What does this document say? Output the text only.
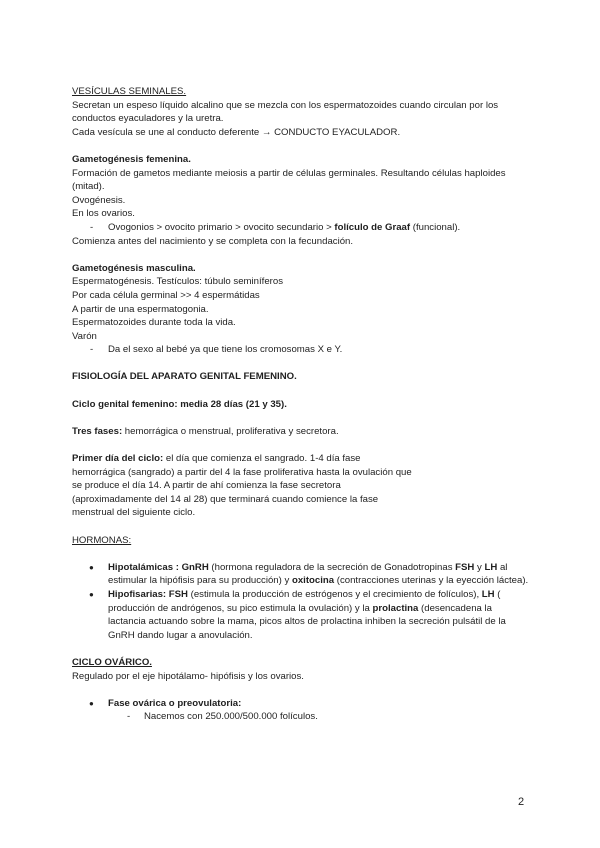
VESÍCULAS SEMINALES.

Secretan un espeso líquido alcalino que se mezcla con los espermatozoides cuando circulan por los conductos eyaculadores y la uretra.

Cada vesícula se une al conducto deferente → CONDUCTO EYACULADOR.

Gametogénesis femenina.

Formación de gametos mediante meiosis a partir de células germinales. Resultando células haploides (mitad).

Ovogénesis.

En los ovarios.

- Ovogonios > ovocito primario > ovocito secundario > folículo de Graaf (funcional).

Comienza antes del nacimiento y se completa con la fecundación.

Gametogénesis masculina.

Espermatogénesis. Testículos: túbulo seminíferos

Por cada célula germinal >> 4 espermátidas

A partir de una espermatogonia.

Espermatozoides durante toda la vida.

Varón

- Da el sexo al bebé ya que tiene los cromosomas X e Y.

FISIOLOGÍA DEL APARATO GENITAL FEMENINO.

Ciclo genital femenino: media 28 días (21 y 35).

Tres fases: hemorrágica o menstrual, proliferativa y secretora.

Primer día del ciclo: el día que comienza el sangrado. 1-4 día fase hemorrágica (sangrado) a partir del 4 la fase proliferativa hasta la ovulación que se produce el día 14. A partir de ahí comienza la fase secretora (aproximadamente del 14 al 28) que terminará cuando comience la fase menstrual del siguiente ciclo.

HORMONAS:

● Hipotalámicas : GnRH (hormona reguladora de la secreción de Gonadotropinas FSH y LH al estimular la hipófisis para su producción) y oxitocina (contracciones uterinas y la eyección láctea).

● Hipofisarias: FSH (estimula la producción de estrógenos y el crecimiento de folículos), LH ( producción de andrógenos, su pico estimula la ovulación) y la prolactina (desencadena la lactancia actuando sobre la mama, picos altos de prolactina inhiben la secreción pulsátil de la GnRH dando lugar a anovulación.

CICLO OVÁRICO.

Regulado por el eje hipotálamo- hipófisis y los ovarios.

● Fase ovárica o preovulatoria:

- Nacemos con 250.000/500.000 folículos.

2
